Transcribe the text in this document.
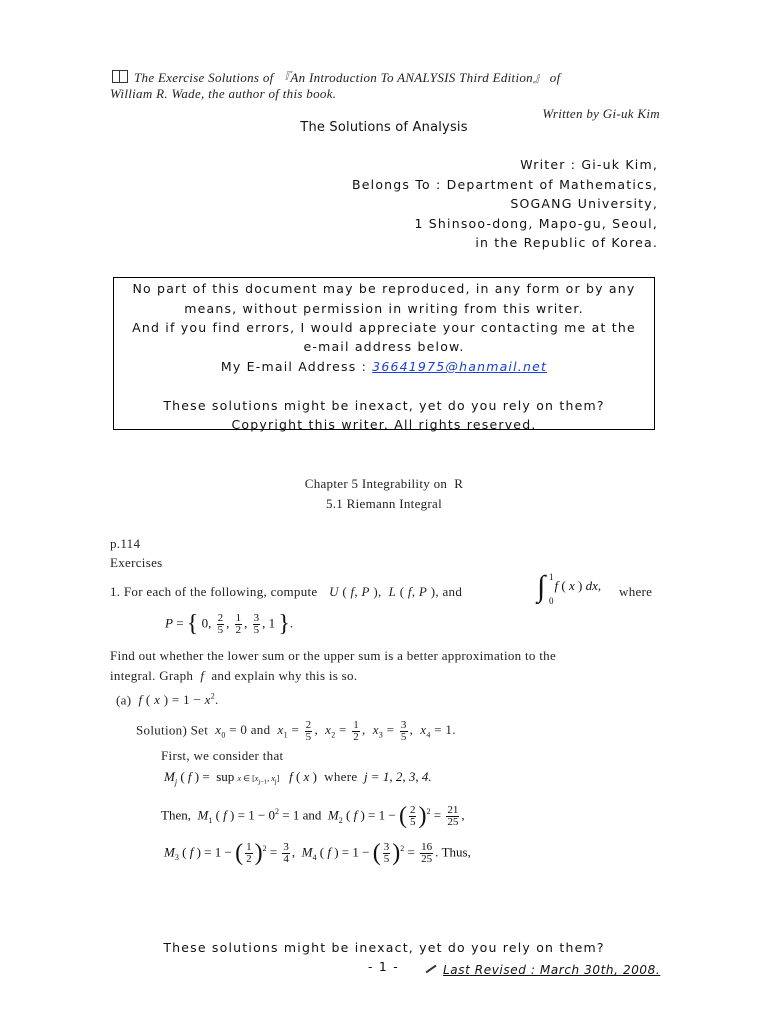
The Exercise Solutions of 『An Introduction To ANALYSIS Third Edition』 of
William R. Wade, the author of this book.
Written by Gi-uk Kim
The Solutions of Analysis
Writer : Gi-uk Kim,
Belongs To : Department of Mathematics,
SOGANG University,
1 Shinsoo-dong, Mapo-gu, Seoul,
in the Republic of Korea.
No part of this document may be reproduced, in any form or by any
means, without permission in writing from this writer.
And if you find errors, I would appreciate your contacting me at the
e-mail address below.
My E-mail Address : 36641975@hanmail.net
These solutions might be inexact, yet do you rely on them?
Copyright this writer. All rights reserved.
Chapter 5 Integrability on R
5.1 Riemann Integral
p.114
Exercises
1. For each of the following, compute U ( f, P ),  L ( f, P ), and ∫ 1
0
f ( x ) dx, where
P = { 0, $\frac{2}{5}$ , $\frac{1}{2}$ , $\frac{3}{5}$ , 1 }.
Find out whether the lower sum or the upper sum is a better approximation to the
integral. Graph f and explain why this is so.
(a) f ( x ) = $1 - x^2$.
Solution) Set $x_0 = 0$ and  $x_1 = \frac{2}{5}$ ,  $x_2 = \frac{1}{2}$ ,  $x_3 = \frac{3}{5}$ ,  $x_4 = 1$.
First, we consider that
$M_j$ ( f ) =  sup x ∈ [$x_{j-1}$, $x_j$] f ( x ) where j = 1, 2, 3, 4.
Then, $M_1$ ( f ) = $1 - 0^2 = 1$ and $M_2$ ( f ) = 1 − ( $\frac{2}{5} )^2 = \frac{21}{25}$ ,
$M_3$ ( f ) = 1 − ( $\frac{1}{2} )^2 = \frac{3}{4}$ ,  $M_4$ ( f ) = 1 − ( $\frac{3}{5} )^2 = \frac{16}{25}$ . Thus,
These solutions might be inexact, yet do you rely on them?
- 1 -	Last Revised : March 30th, 2008.
